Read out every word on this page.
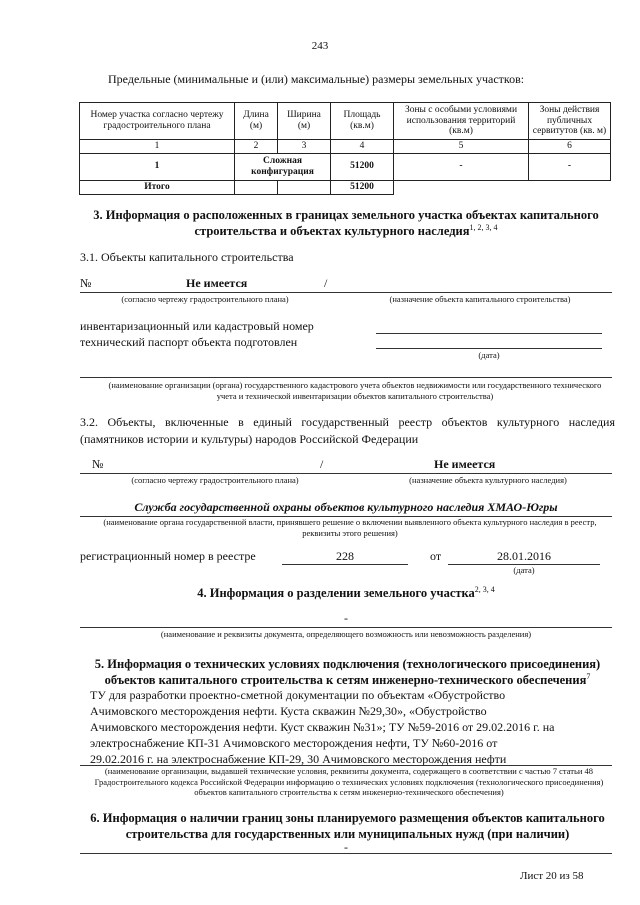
243
Предельные (минимальные и (или) максимальные) размеры земельных участков:
Номер участка согласно чертежу градостроительного плана	Длина (м)	Ширина (м)	Площадь (кв.м)	Зоны с особыми условиями использования территорий (кв.м)	Зоны действия публичных сервитутов (кв. м)
1	2	3	4	5	6
1	Сложная конфигурация		51200	-	-
Итого			51200		
3. Информация о расположенных в границах земельного участка объектах капитального строительства и объектах культурного наследия$^{1, 2, 3, 4}$
3.1. Объекты капитального строительства
№	Не имеется	/
(согласно чертежу градостроительного плана)	(назначение объекта капитального строительства)
инвентаризационный или кадастровый номер
технический паспорт объекта подготовлен
(дата)
(наименование организации (органа) государственного кадастрового учета объектов недвижимости или государственного технического учета и технической инвентаризации объектов капитального строительства)
3.2. Объекты, включенные в единый государственный реестр объектов культурного наследия (памятников истории и культуры) народов Российской Федерации
№	/	Не имеется
(согласно чертежу градостроительного плана)	(назначение объекта культурного наследия)
Служба государственной охраны объектов культурного наследия ХМАО-Югры
(наименование органа государственной власти, принявшего решение о включении выявленного объекта культурного наследия в реестр, реквизиты этого решения)
регистрационный номер в реестре	228	от	28.01.2016
(дата)
4. Информация о разделении земельного участка$^{2, 3, 4}$
-
(наименование и реквизиты документа, определяющего возможность или невозможность разделения)
5. Информация о технических условиях подключения (технологического присоединения)
объектов капитального строительства к сетям инженерно-технического обеспечения$^7$
ТУ для разработки проектно-сметной документации по объектам «Обустройство
Ачимовского месторождения нефти. Куста скважин №29,30», «Обустройство
Ачимовского месторождения нефти. Куст скважин №31»; ТУ №59-2016 от 29.02.2016 г. на
электроснабжение КП-31 Ачимовского месторождения нефти, ТУ №60-2016 от
29.02.2016 г. на электроснабжение КП-29, 30 Ачимовского месторождения нефти
(наименование организации, выдавшей технические условия, реквизиты документа, содержащего в соответствии с частью 7 статьи 48 Градостроительного кодекса Российской Федерации информацию о технических условиях подключения (технологического присоединения) объектов капитального строительства к сетям инженерно-технического обеспечения)
6. Информация о наличии границ зоны планируемого размещения объектов капитального строительства для государственных или муниципальных нужд (при наличии)
-
Лист 20 из 58
